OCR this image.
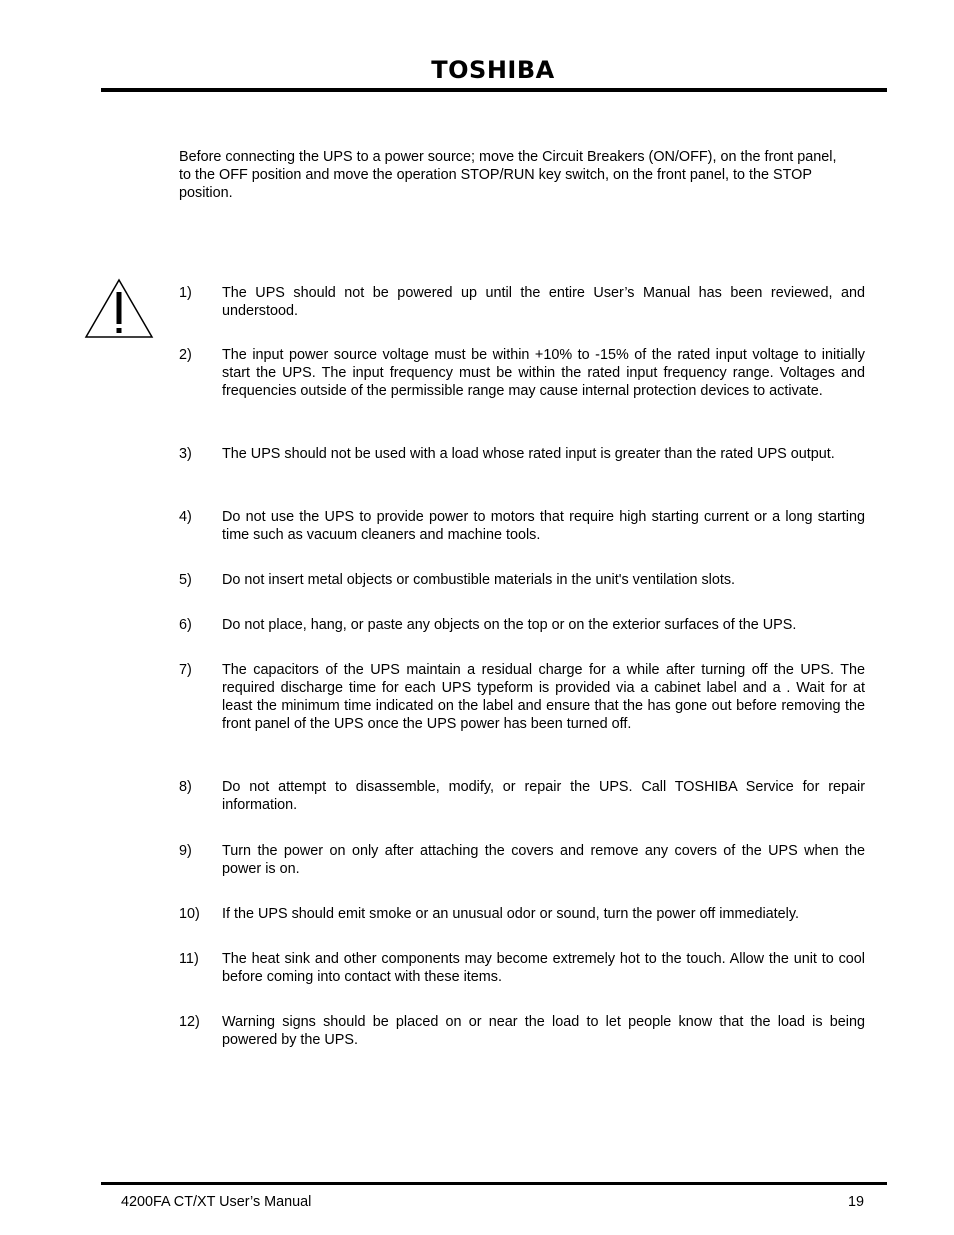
TOSHIBA
Before connecting the UPS to a power source; move the Circuit Breakers (ON/OFF), on the front panel, to the OFF position and move the operation STOP/RUN key switch, on the front panel, to the STOP position.
1)	The UPS should not be powered up until the entire User’s Manual has been reviewed, and understood.
2)	The input power source voltage must be within +10% to -15% of the rated input voltage to initially start the UPS. The input frequency must be within the rated input frequency range. Voltages and frequencies outside of the permissible range may cause internal protection devices to activate.
3)	The UPS should not be used with a load whose rated input is greater than the rated UPS output.
4)	Do not use the UPS to provide power to motors that require high starting current or a long starting time such as vacuum cleaners and machine tools.
5)	Do not insert metal objects or combustible materials in the unit's ventilation slots.
6)	Do not place, hang, or paste any objects on the top or on the exterior surfaces of the UPS.
7)	The capacitors of the UPS maintain a residual charge for a while after turning off the UPS. The required discharge time for each UPS typeform is provided via a cabinet label and a . Wait for at least the minimum time indicated on the label and ensure that the has gone out before removing the front panel of the UPS once the UPS power has been turned off.
8)	Do not attempt to disassemble, modify, or repair the UPS. Call TOSHIBA Service for repair information.
9)	Turn the power on only after attaching the covers and remove any covers of the UPS when the power is on.
10)	If the UPS should emit smoke or an unusual odor or sound, turn the power off immediately.
11)	The heat sink and other components may become extremely hot to the touch. Allow the unit to cool before coming into contact with these items.
12)	Warning signs should be placed on or near the load to let people know that the load is being powered by the UPS.
4200FA CT/XT User’s Manual	19
